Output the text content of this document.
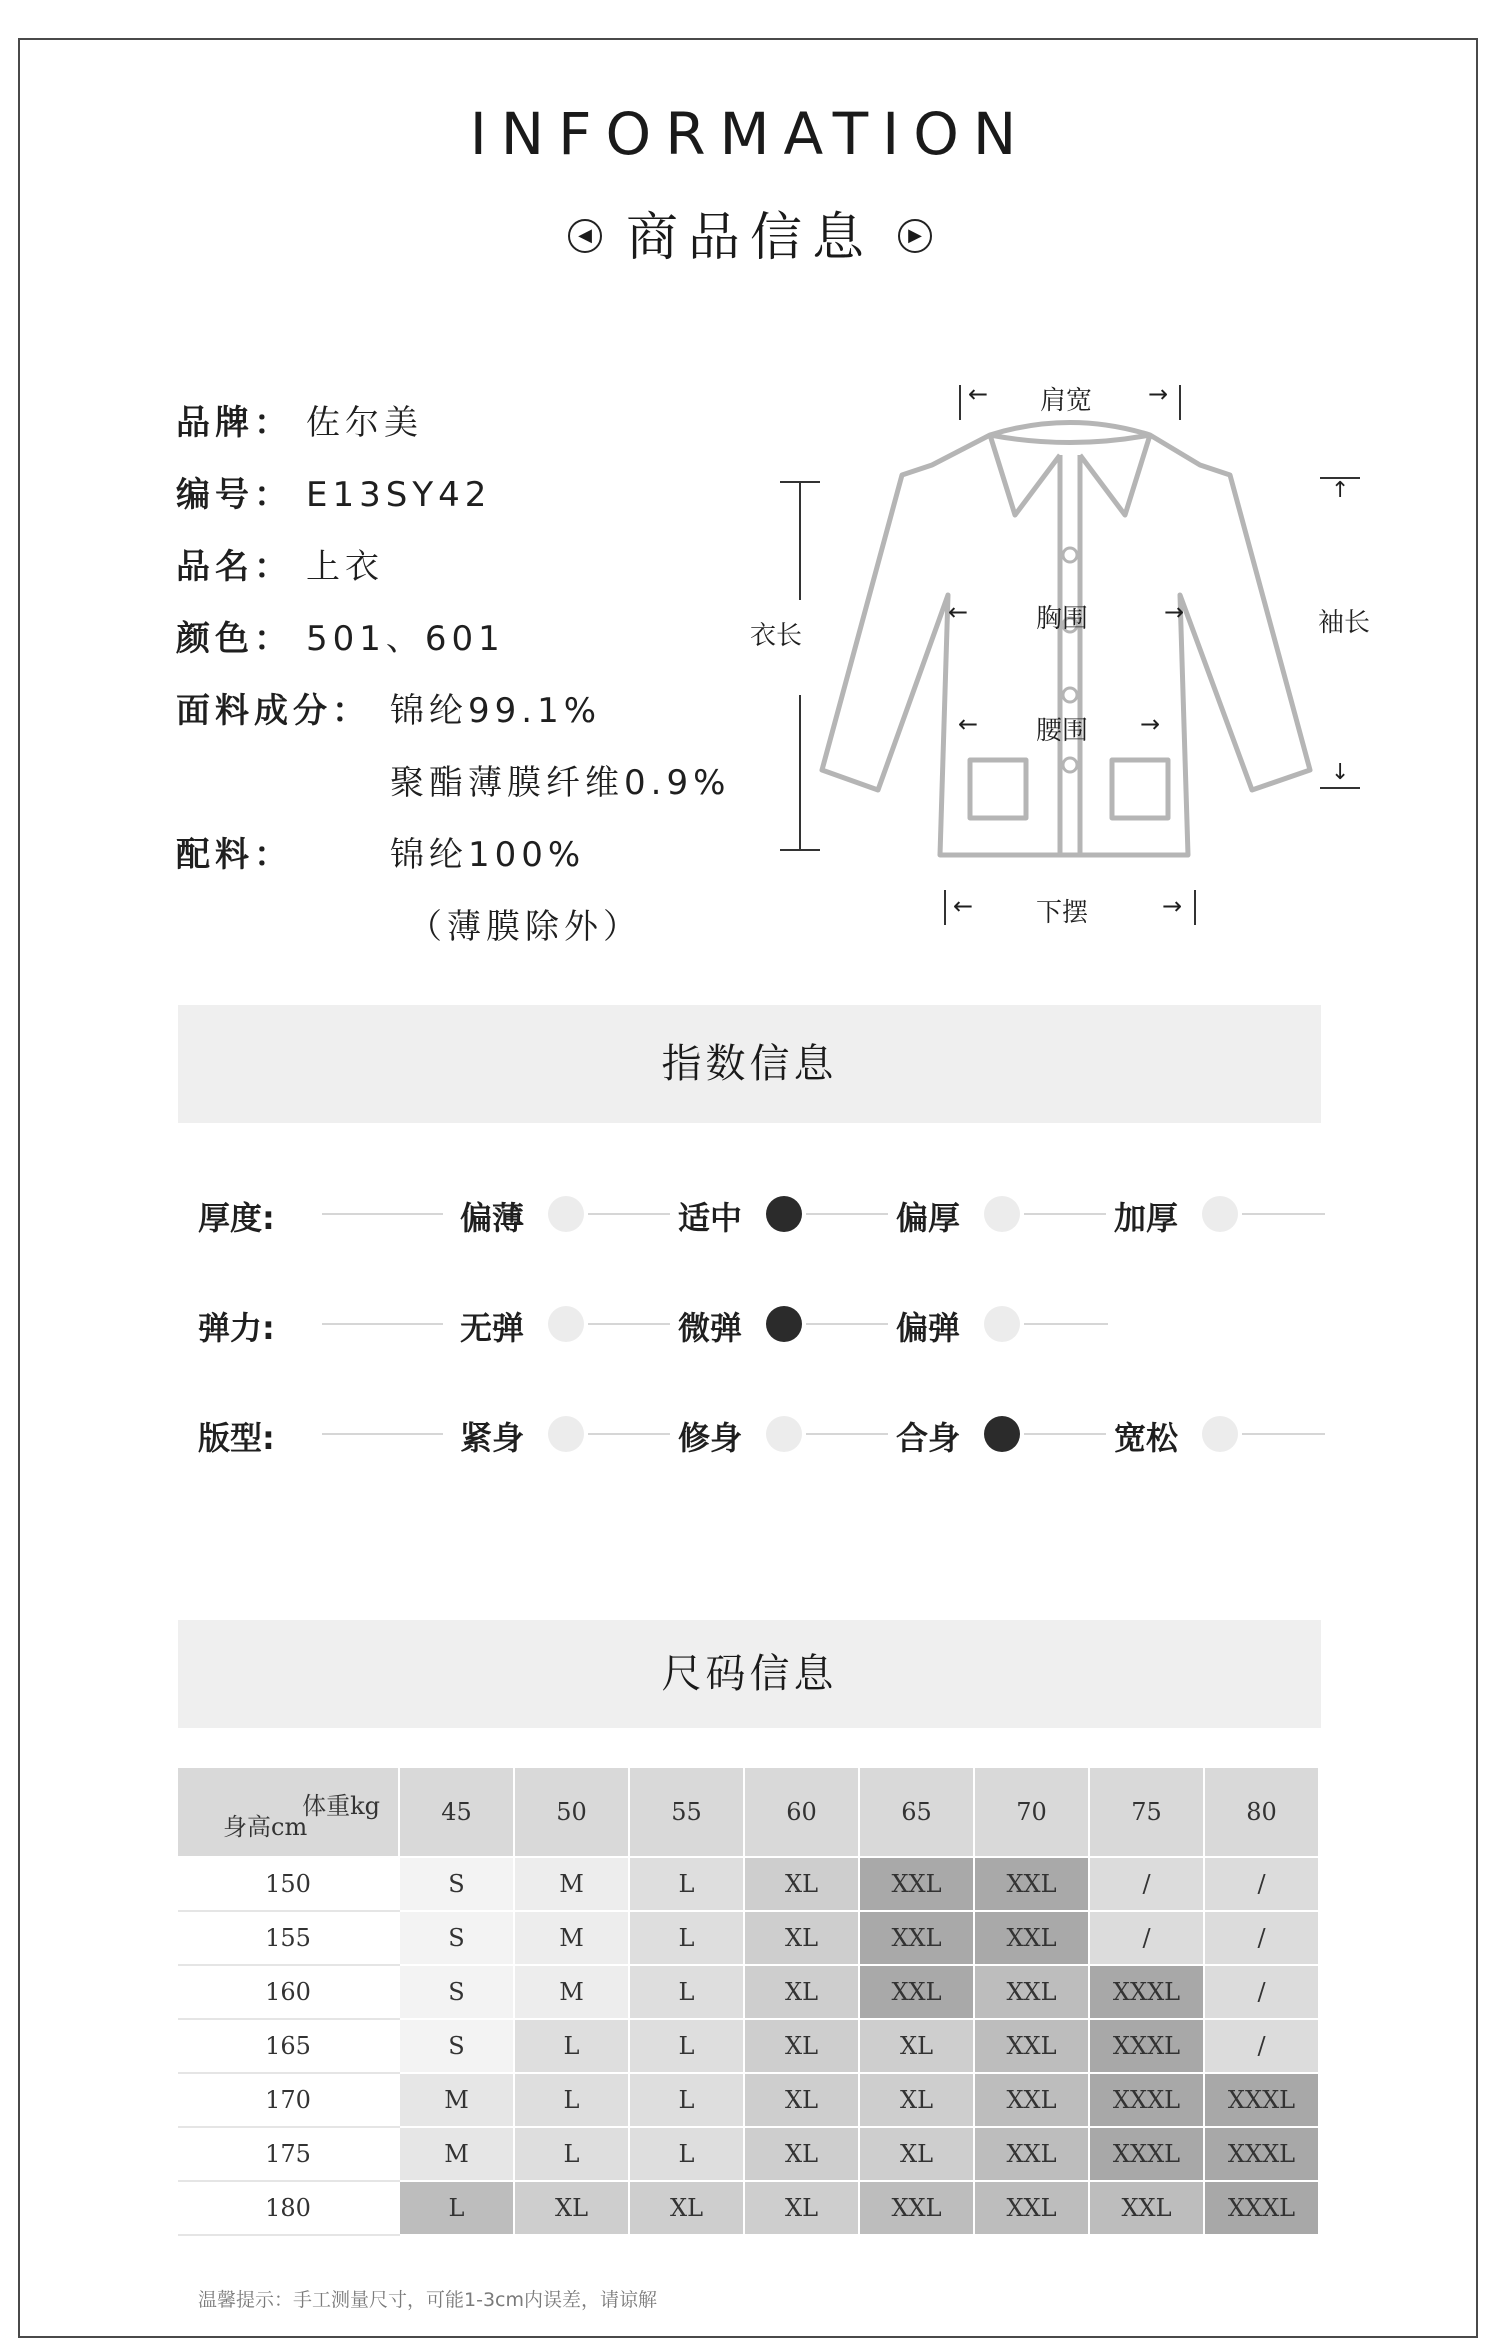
INFORMATION
◀ 商品信息 ▶
品牌： 佐尔美
编号： E13SY42
品名： 上衣
颜色： 501、601
面料成分： 锦纶99.1%
聚酯薄膜纤维0.9%
配料：	锦纶100%
（薄膜除外）
肩宽
←	→
衣长
胸围
←	→
腰围
←	→
袖长
↑
↓
下摆
←	→
指数信息
厚度:	偏薄	适中	偏厚	加厚
弹力:	无弹	微弹	偏弹
版型:	紧身	修身	合身	宽松
尺码信息
体重kg
身高cm	45	50	55	60	65	70	75	80
150	S	M	L	XL	XXL	XXL	/	/
155	S	M	L	XL	XXL	XXL	/	/
160	S	M	L	XL	XXL	XXL	XXXL	/
165	S	L	L	XL	XL	XXL	XXXL	/
170	M	L	L	XL	XL	XXL	XXXL	XXXL
175	M	L	L	XL	XL	XXL	XXXL	XXXL
180	L	XL	XL	XL	XXL	XXL	XXL	XXXL
温馨提示：手工测量尺寸，可能1-3cm内误差，请谅解
